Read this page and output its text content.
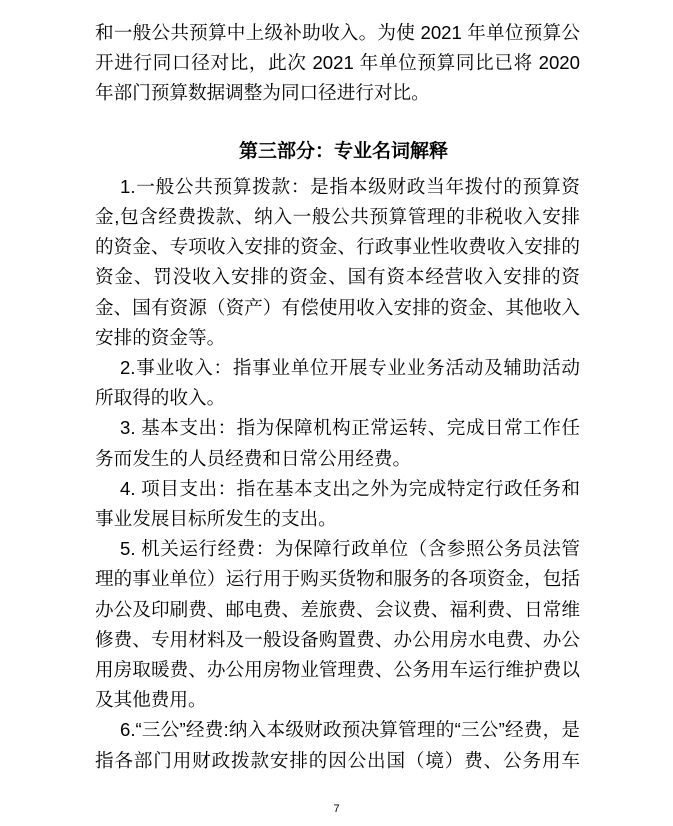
和一般公共预算中上级补助收入。为使 2021 年单位预算公开进行同口径对比，此次 2021 年单位预算同比已将 2020 年部门预算数据调整为同口径进行对比。

第三部分：专业名词解释

1.一般公共预算拨款：是指本级财政当年拨付的预算资金,包含经费拨款、纳入一般公共预算管理的非税收入安排的资金、专项收入安排的资金、行政事业性收费收入安排的资金、罚没收入安排的资金、国有资本经营收入安排的资金、国有资源（资产）有偿使用收入安排的资金、其他收入安排的资金等。

2.事业收入：指事业单位开展专业业务活动及辅助活动所取得的收入。

3. 基本支出：指为保障机构正常运转、完成日常工作任务而发生的人员经费和日常公用经费。

4. 项目支出：指在基本支出之外为完成特定行政任务和事业发展目标所发生的支出。

5. 机关运行经费：为保障行政单位（含参照公务员法管理的事业单位）运行用于购买货物和服务的各项资金，包括办公及印刷费、邮电费、差旅费、会议费、福利费、日常维修费、专用材料及一般设备购置费、办公用房水电费、办公用房取暖费、办公用房物业管理费、公务用车运行维护费以及其他费用。

6.“三公”经费:纳入本级财政预决算管理的“三公”经费，是指各部门用财政拨款安排的因公出国（境）费、公务用车

7
